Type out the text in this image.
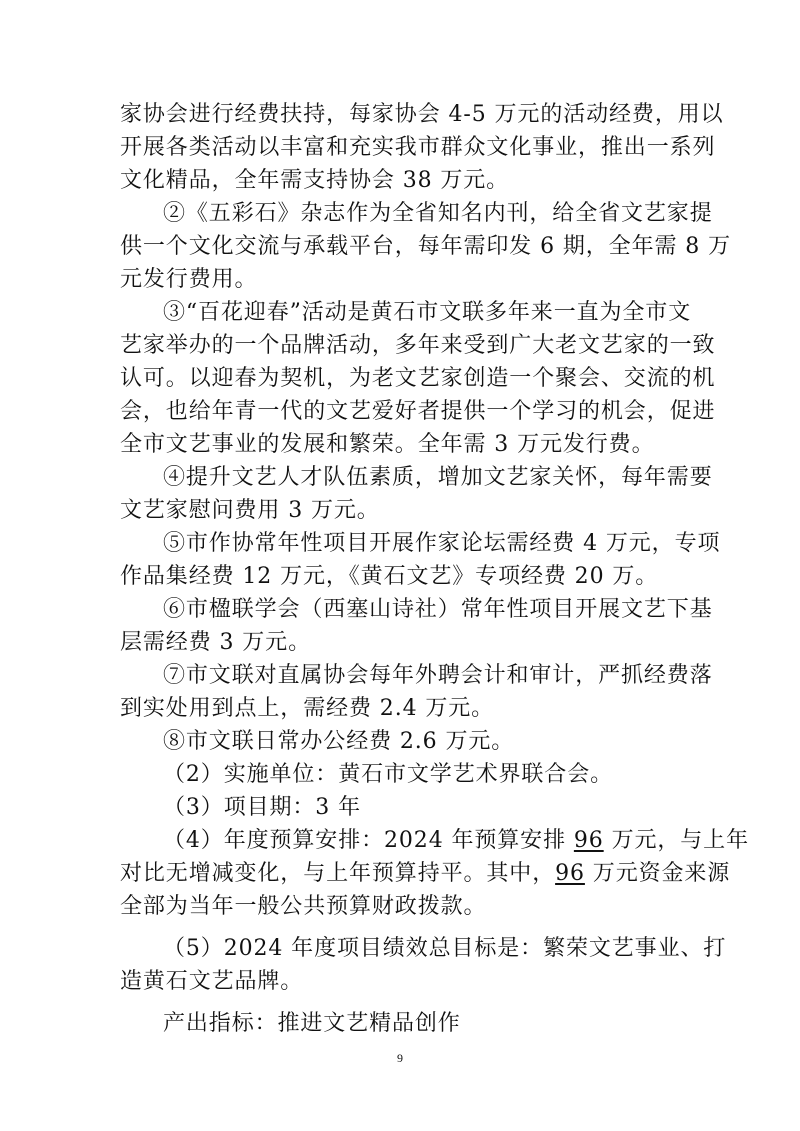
家协会进行经费扶持，每家协会 4-5 万元的活动经费，用以
开展各类活动以丰富和充实我市群众文化事业，推出一系列
文化精品，全年需支持协会 38 万元。
②《五彩石》杂志作为全省知名内刊，给全省文艺家提
供一个文化交流与承载平台，每年需印发 6 期，全年需 8 万
元发行费用。
③“百花迎春”活动是黄石市文联多年来一直为全市文
艺家举办的一个品牌活动，多年来受到广大老文艺家的一致
认可。以迎春为契机，为老文艺家创造一个聚会、交流的机
会，也给年青一代的文艺爱好者提供一个学习的机会，促进
全市文艺事业的发展和繁荣。全年需 3 万元发行费。
④提升文艺人才队伍素质，增加文艺家关怀，每年需要
文艺家慰问费用 3 万元。
⑤市作协常年性项目开展作家论坛需经费 4 万元，专项
作品集经费 12 万元，《黄石文艺》专项经费 20 万。
⑥市楹联学会（西塞山诗社）常年性项目开展文艺下基
层需经费 3 万元。
⑦市文联对直属协会每年外聘会计和审计，严抓经费落
到实处用到点上，需经费 2.4 万元。
⑧市文联日常办公经费 2.6 万元。
（2）实施单位：黄石市文学艺术界联合会。
（3）项目期：3 年
（4）年度预算安排：2024 年预算安排 96 万元，与上年
对比无增减变化，与上年预算持平。其中，96 万元资金来源
全部为当年一般公共预算财政拨款。
（5）2024 年度项目绩效总目标是：繁荣文艺事业、打
造黄石文艺品牌。
产出指标：推进文艺精品创作
9
